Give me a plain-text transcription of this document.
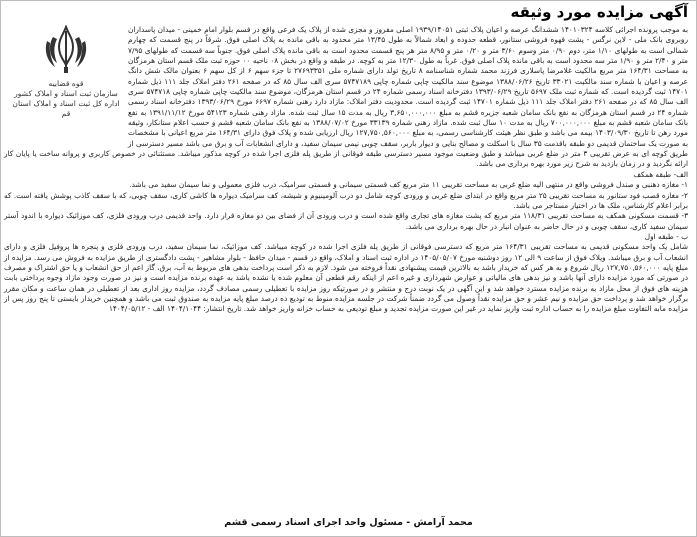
آگهی مزایده مورد وثیقه
قوه قضاییه
سازمان ثبت اسناد و املاک کشور
اداره کل ثبت اسناد و املاک استان قم

به موجب پرونده اجرائی کلاسه ۱۴۰۱۰۳۲۴ ششدانگ عرصه و اعیان پلاک ثبتی ۱۹۳۹/۱۴۰۵۱ اصلی مفروز و مجزی شده از پلاک یک فرعی واقع در قسم بلوار امام خمینی - میدان پاسداران روبروی بانک ملی - لاین نرگس - پشت قهوه فروشی ستانور، قطعه حدوده و ابعاد شمالاً به طول ۱۳/۴۵ متر محدود به باقی مانده به پلاک اصلی فوق. شرقاً در پنج قسمت که چهارم شمالی است به طولهای ۱/۱۰ متر، دوم ۰/۹۰ متر وسوم ۳/۶۰ متر و ۰/۲۰ متر و ۸/۹۵ متر هر پنج قسمت محدود است به باقی مانده پلاک اصلی فوق. جنوباً سه قسمت که طولهای ۷/۹۵ متر و ۲/۴۰ متر و ۱/۹۰ متر سه محدود است به باقی مانده پلاک اصلی فوق. غرباً به طول ۱۲/۳۰ متر به کوچه. در طبقه و واقع در بخش ۰۸ ناحیه ۰۰ حوزه ثبت ملک قسم استان هرمزگان به مساحت ۱۶۴/۳۱ متر مربع مالکیت غلامرضا پاسلاری فرزند محمد شماره شناسنامه ۸ تاریخ تولد دارای شماره ملی ۲۷۶۹۳۳۵۱ تا جزء سهم ۶ از کل سهم ۶ بعنوان مالک شش دانگ عرصه و اعیان با شماره سند مالکیت ۳۳۰۲۱ تاریخ ۱۳۸۸/۰۶/۲۶ موضوع سند مالکیت چاپی شماره چاپی ۵۷۴۷۱۸۹ سری الف سال ۸۵ که در صفحه ۲۶۱ دفتر املاک جلد ۱۱۱ ذیل شماره ۱۴۷۰۱ ثبت گردیده است. که شماره ثبت ملک ۵۶۹۷ تاریخ ۱۳۹۳/۰۶/۲۹ دفترخانه اسناد رسمی شماره ۲۴ در قسم استان هرمزگان، موضوع سند مالکیت چاپی شماره چاپی ۵۷۴۷۱۸ سری الف سال ۸۵ که در صفحه ۲۶۱ دفتر املاک جلد ۱۱۱ ذیل شماره ۱۴۷۰۱ ثبت گردیده است. محدودیت دفتر املاک: مازاد دارد رهنی شماره ۶۶۹۷ مورخ ۱۳۹۳/۰۶/۲۹ دفترخانه اسناد رسمی شماره ۲۴ در قسم استان هرمزگان به نفع بانک سامان شعبه جزیره قشم به مبلغ ۳,۶۵۰,۰۰۰,۰۰۰ ریال به مدت ۱۵ سال ثبت شده. مازاد رهنی شماره ۵۴۱۲۳ مورخ ۱۳۹۱/۱۱/۱۲ به نفع بانک سامان شعبه قشم به مبلغ ۷۰۰,۰۰۰,۰۰۰ ریال به مدت ۱۰ سال ثبت شده. مازاد رهنی شماره ۳۳۱۳۹ مورخ ۱۳۸۸/۰۷/۰۲ به نفع بانک سامان شعبه قشم و حسب اعلام ستانکار، وثیقه مورد رهن تا تاریخ ۱۴۰۳/۰۹/۳۰ بیمه می باشد و طبق نظر هیئت کارشناسی رسمی، به مبلغ ۱۲۷,۷۵۰,۵۶۰,۰۰۰ ریال ارزیابی شده و پلاک فوق دارای ۱۶۴/۳۱ متر مربع اعیانی با مشخصات به صورت یک ساختمان قدیمی دو طبقه باقدمت ۳۵ سال با اسکلت و مصالح بنایی و دیوار باربر، سقف چوبی نیمی سیمان سفید، و دارای انشعابات آب و برق می باشد مسیر دسترسی از طریق کوچه ای به عرض تقریبی ۳ متر در ضلع غربی میباشد و طبق وضعیت موجود مسیر دسترسی طبقه فوقانی از طریق پله فلزی اجرا شده در کوچه مذکور میباشد. مستثنائی در خصوص کاربری و پروانه ساخت یا پایان کار ارائه نگردید و در زمان بازدید به شرح زیر مورد بهره برداری می باشد.

الف- طبقه همکف

۱- مغازه دهنبی و صندل فروشی واقع در منتهی الیه ضلع غربی به مساحت تقریبی ۱۱ متر مربع کف قسمتی سیمانی و قسمتی سرامیک، درب فلزی معمولی و نما سیمان سفید می باشد.

۲- مغازه قصب فود ستانور به مساحت تقریبی ۲۵ متر مربع واقع در ابتدای ضلع غربی و ورودی کوچه شامل دو درب آلومینیوم و شیشه، کف سرامیک دیواره ها کاشی کاری، سقف چوبی، که با سقف کاذب پوشش یافته است. که برابر اعلام کارشناس، ملک ها در اختیار مستاجر می باشد.

۳- قسمت مسکونی همکف به مساحت تقریبی ۱۱۸/۳۱ متر مربع که پشت مغازه های تجاری واقع شده است و درب ورودی آن از فضای بین دو مغازه قرار دارد. واحد قدیمی درب ورودی فلزی، کف موزائیک دیواره با اندود آستر سیمان سفید کاری، سقف چوبی و در حال حاضر به عنوان انبار در حال بهره برداری می باشد.

ب - طبقه اول

شامل یک واحد مسکونی قدیمی به مساحت تقریبی ۱۶۴/۳۱ متر مربع که دسترسی فوقانی از طریق پله فلزی اجرا شده در کوچه میباشد. کف موزائیک، نما سیمان سفید، درب ورودی فلزی و پنجره ها پروفیل فلزی و دارای انشعاب آب و برق میباشد. ویلاک فوق از ساعت ۹ الی ۱۲ روز دوشنبه مورخ ۱۴۰۵/۰۵/۰۷ در اداره ثبت اسناد و املاک، واقع در قسم - میدان حافظ - بلوار مشاهیر - پشت دادگستری از طریق مزایده به فروش می رسد. مزایده از مبلغ پایه ۱۲۷,۷۵۰,۵۶۰,۰۰۰ ریال شروع و به هر کس که خریدار باشد به بالاترین قیمت پیشنهادی نقداً فروخته می شود. لازم به ذکر است پرداخت بدهی های مربوط به آب، برق، گاز اعم از حق انشعاب و یا حق اشتراک و مصرف در صورتی که مورد مزایده دارای آنها باشد و نیز بدهی های مالیاتی و عوارض شهرداری و غیره اعم از اینکه رقم قطعی آن معلوم شده یا نشده باشد به عهده برنده مزایده است و نیز در صورت وجود مازاد وجوه پرداختی بابت هزینه های فوق از محل مازاد به برنده مزایده مسترد خواهد شد و این آگهی در یک نوبت درج و منتشر و در صورتیکه روز مزایده با تعطیلی رسمی مصادف گردد، مزایده روز اداری بعد از تعطیلی در همان ساعت و مکان مقرر برگزار خواهد شد و پرداخت حق مزایده و نیم عشر و حق مزایده نقداً وصول می گردد ضمناً شرکت در جلسه مزایده منوط به تودیع ده درصد مبلغ پایه مزایده به صندوق ثبت می باشد و همچنین خریدار بایستی تا پنج روز پس از مزایده مابه التفاوت مبلغ مزایده را به حساب اداره ثبت واریز نماید در غیر این صورت مزایده تجدید و مبلغ تودیعی به حساب خزانه واریز خواهد شد. تاریخ انتشار: ۱۴۰۴/۱۰۴۴ الف - ۱۴۰۴/۰۵/۱۲

محمد آرامش - مسئول واحد اجرای اسناد رسمی قشم
